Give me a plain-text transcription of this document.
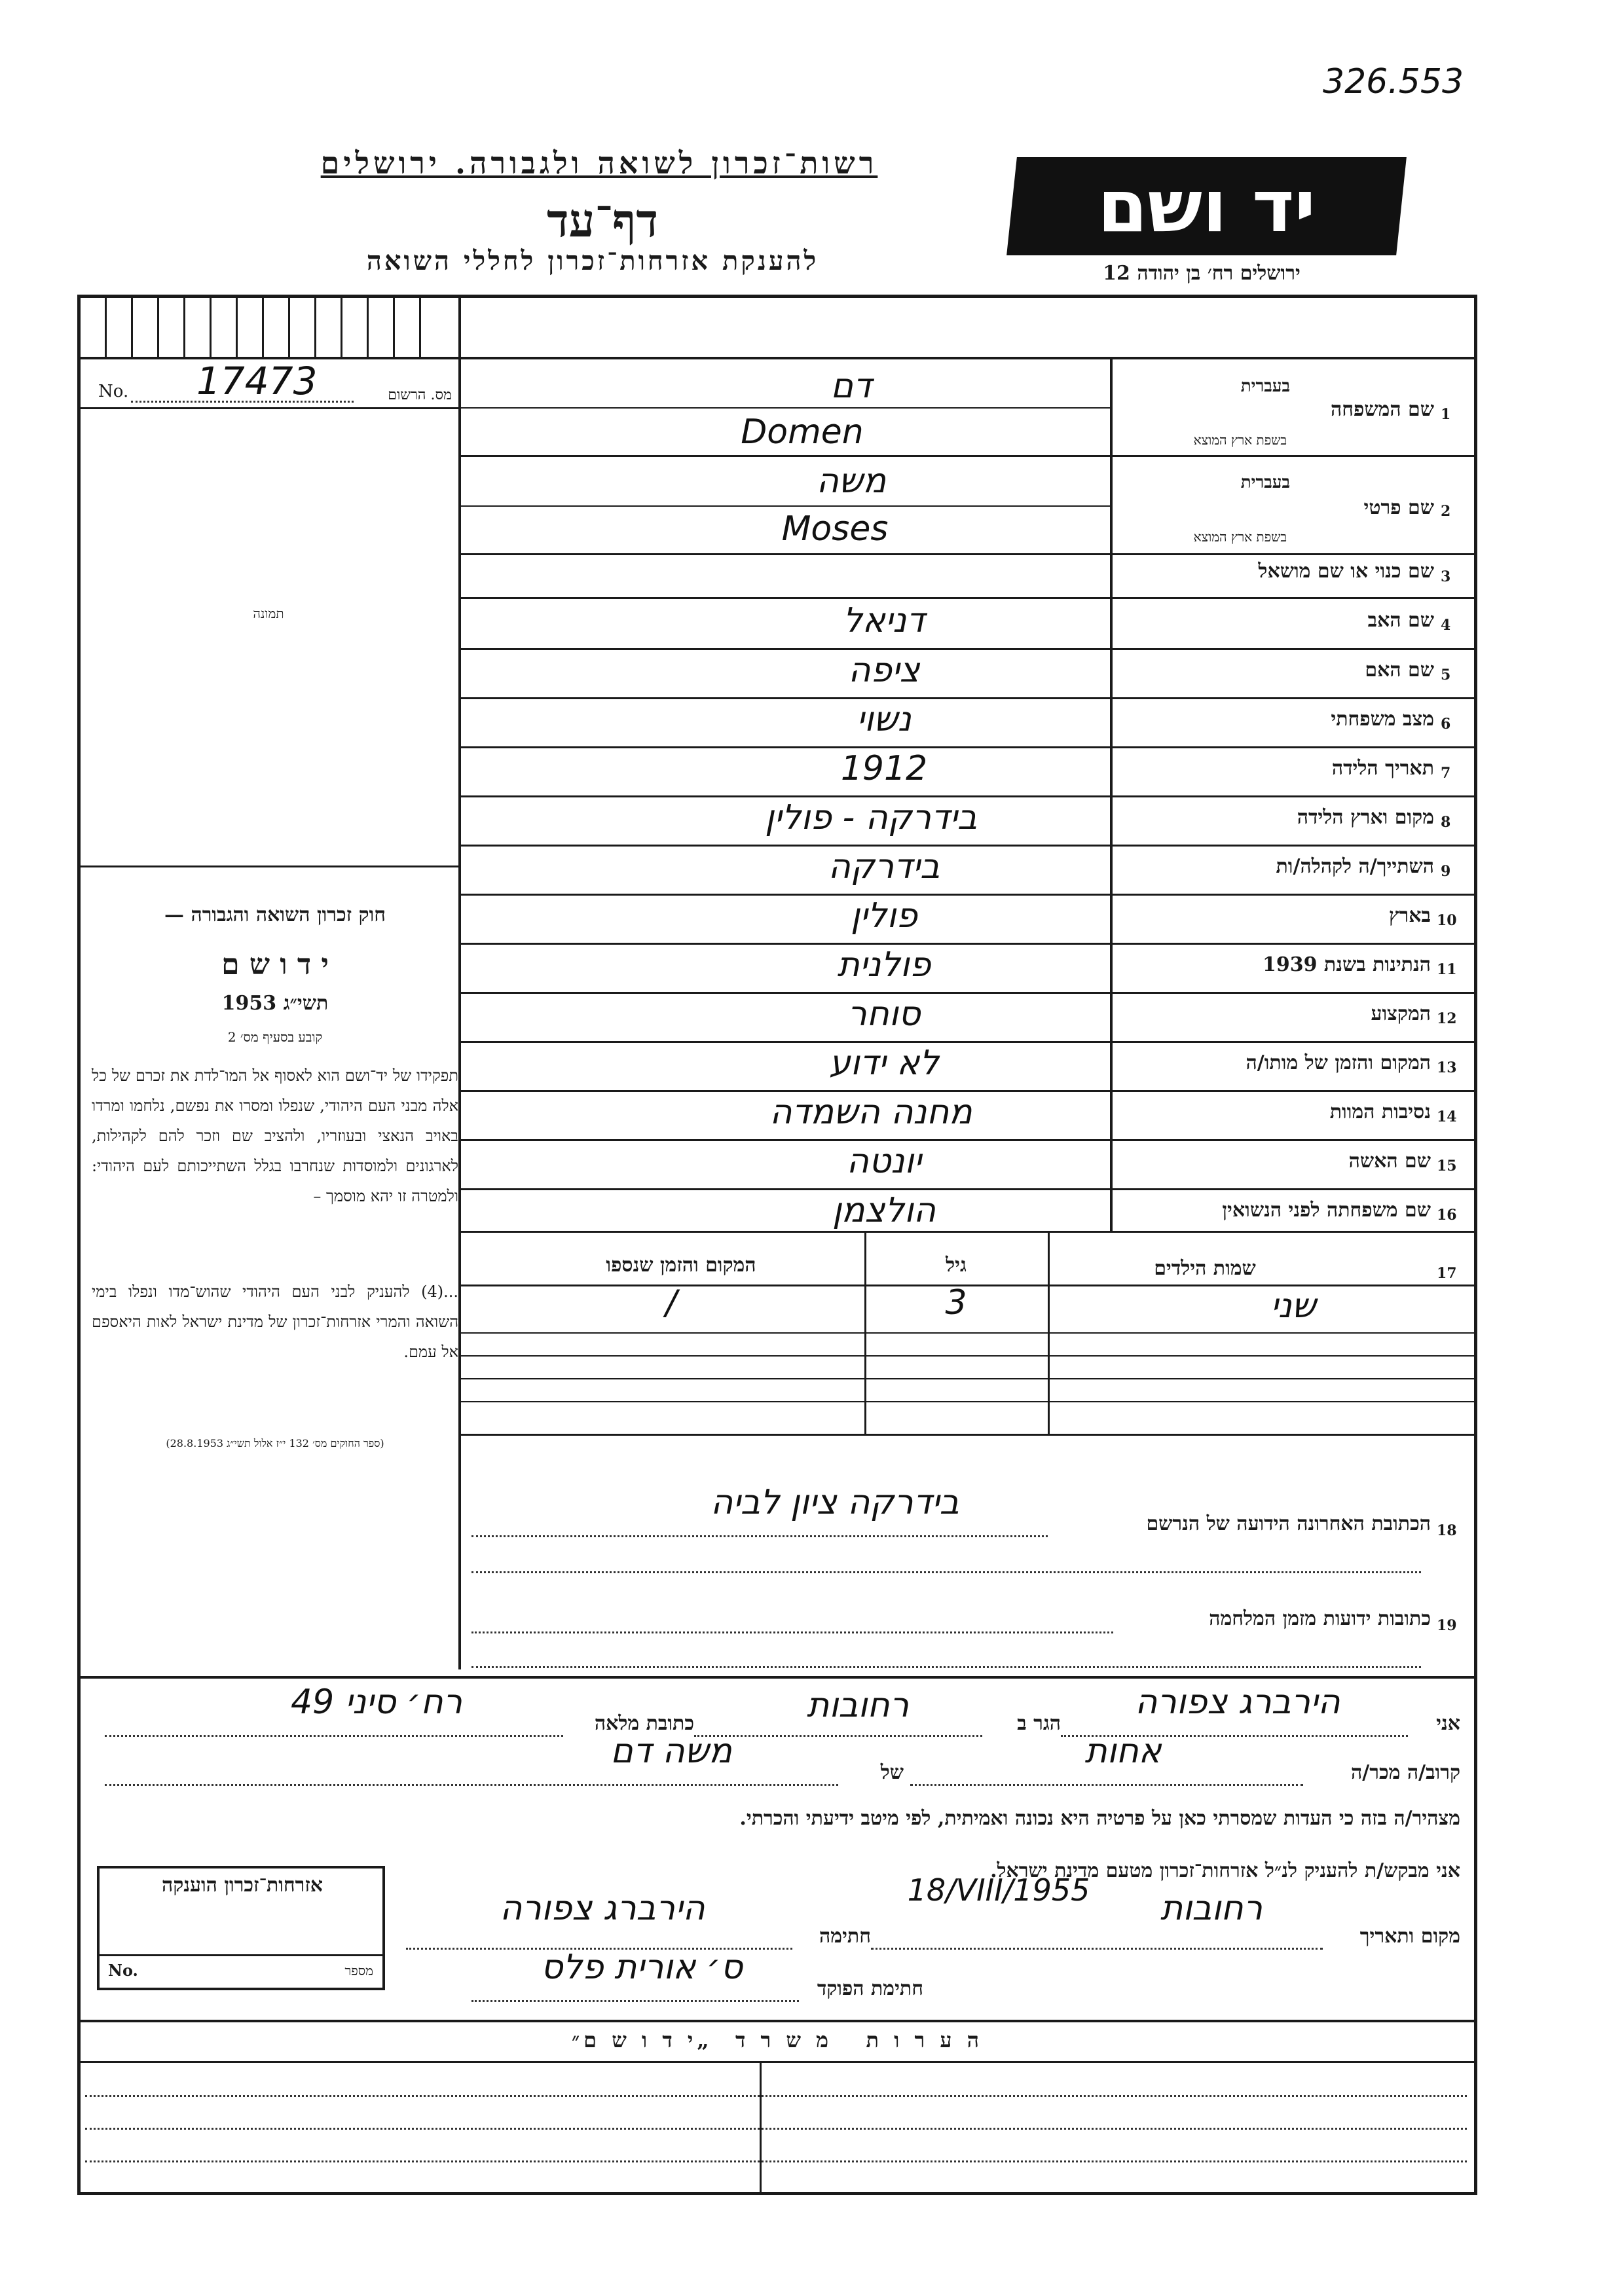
326.553
רשות־זכרון לשואה ולגבורה. ירושלים
דף־עד
להענקת אזרחות־זכרון לחללי השואה
יד ושם
ירושלים רח׳ בן יהודה 12
No. 17473	מס. הרשום
תמונה
חוק זכרון השואה והגבורה —
י ד ו ש ם
תשי״ג 1953
קובע בסעיף מס׳ 2
תפקידו של יד־ושם הוא לאסוף אל המו־לדת את זכרם של כל אלה מבני העם היהודי, שנפלו ומסרו את נפשם, נלחמו ומרדו באויב הנאצי ובעוזריו, ולהציב שם וזכר להם לקהילות, לארגונים ולמוסדות שנחרבו בגלל השתייכותם לעם היהודי: ולמטרה זו יהא מוסמך –
...(4) להעניק לבני העם היהודי שהוש־מדו ונפלו בימי השואה והמרי אזרחות־זכרון של מדינת ישראל לאות היאספם אל עמם.
(ספר החוקים מס׳ 132 י״ז אלול תשי״ג 28.8.1953)
1
שם המשפחה
בעברית
בשפת ארץ המוצא
דם
Domen
2
שם פרטי
בעברית
בשפת ארץ המוצא
משה
Moses
3
שם כנוי או שם מושאל
4
שם האב
דניאל
5
שם האם
ציפה
6
מצב משפחתי
נשוי
7
תאריך הלידה
1912
8
מקום וארץ הלידה
בידרקה - פולין
9
השתייך/ה לקהלה/ות
בידרקה
10
בארץ
פולין
11
הנתינות בשנת 1939
פולנית
12
המקצוע
סוחר
13
המקום והזמן של מותו/ה
לא ידוע
14
נסיבות המוות
מחנה השמדה
15
שם האשה
יונטה
16
שם משפחתה לפני הנשואין
הולצמן
17
שמות הילדים
גיל
המקום והזמן שנספו
שני
3
/
18
הכתובת האחרונה הידועה של הנרשם
בידרקה ציון לביה
19
כתובות ידועות מזמן המלחמה
אני
הירברג צפורה
הגר ב
רחובות
כתובת מלאה
רח׳ סיני 49
קרוב/ה מכר/ה
אחות
של
משה דם
מצהיר/ה בזה כי העדות שמסרתי כאן על פרטיה היא נכונה ואמיתית, לפי מיטב ידיעתי והכרתי.
אני מבקש/ת להעניק לנ״ל אזרחות־זכרון מטעם מדינת ישראל.
מקום ותאריך
רחובות
18/VIII/1955
חתימה
הירברג צפורה
חתימת הפוקד
ס׳ אורית פלס
אזרחות־זכרון הוענקה
No.	מספר
ה ע ר ו ת   מ ש ר ד  „י ד ו ש ם״
